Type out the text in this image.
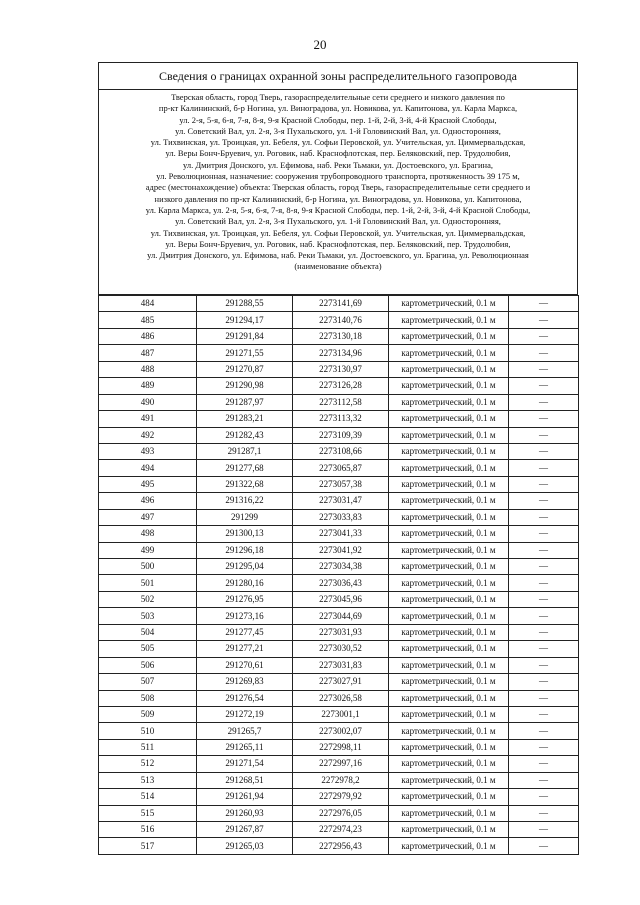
20
Сведения о границах охранной зоны распределительного газопровода
Тверская область, город Тверь, газораспределительные сети среднего и низкого давления по
пр-кт Калининский, б-р Ногина, ул. Виноградова, ул. Новикова, ул. Капитонова, ул. Карла Маркса,
ул. 2-я, 5-я, 6-я, 7-я, 8-я, 9-я Красной Слободы, пер. 1-й, 2-й, 3-й, 4-й Красной Слободы,
ул. Советский Вал, ул. 2-я, 3-я Пухальского, ул. 1-й Головинский Вал, ул. Односторонняя,
ул. Тихвинская, ул. Троицкая, ул. Бебеля, ул. Софьи Перовской, ул. Учительская, ул. Циммервальдская,
ул. Веры Бонч-Бруевич, ул. Роговик, наб. Краснофлотская, пер. Беляковский, пер. Трудолюбия,
ул. Дмитрия Донского, ул. Ефимова, наб. Реки Тьмаки, ул. Достоевского, ул. Брагина,
ул. Революционная, назначение: сооружения трубопроводного транспорта, протяженность 39 175 м,
адрес (местонахождение) объекта: Тверская область, город Тверь, газораспределительные сети среднего и
низкого давления по пр-кт Калининский, б-р Ногина, ул. Виноградова, ул. Новикова, ул. Капитонова,
ул. Карла Маркса, ул. 2-я, 5-я, 6-я, 7-я, 8-я, 9-я Красной Слободы, пер. 1-й, 2-й, 3-й, 4-й Красной Слободы,
ул. Советский Вал, ул. 2-я, 3-я Пухальского, ул. 1-й Головинский Вал, ул. Односторонняя,
ул. Тихвинская, ул. Троицкая, ул. Бебеля, ул. Софьи Перовской, ул. Учительская, ул. Циммервальдская,
ул. Веры Бонч-Бруевич, ул. Роговик, наб. Краснофлотская, пер. Беляковский, пер. Трудолюбия,
ул. Дмитрия Донского, ул. Ефимова, наб. Реки Тьмаки, ул. Достоевского, ул. Брагина, ул. Революционная
(наименование объекта)
484	291288,55	2273141,69	картометрический, 0.1 м	—
485	291294,17	2273140,76	картометрический, 0.1 м	—
486	291291,84	2273130,18	картометрический, 0.1 м	—
487	291271,55	2273134,96	картометрический, 0.1 м	—
488	291270,87	2273130,97	картометрический, 0.1 м	—
489	291290,98	2273126,28	картометрический, 0.1 м	—
490	291287,97	2273112,58	картометрический, 0.1 м	—
491	291283,21	2273113,32	картометрический, 0.1 м	—
492	291282,43	2273109,39	картометрический, 0.1 м	—
493	291287,1	2273108,66	картометрический, 0.1 м	—
494	291277,68	2273065,87	картометрический, 0.1 м	—
495	291322,68	2273057,38	картометрический, 0.1 м	—
496	291316,22	2273031,47	картометрический, 0.1 м	—
497	291299	2273033,83	картометрический, 0.1 м	—
498	291300,13	2273041,33	картометрический, 0.1 м	—
499	291296,18	2273041,92	картометрический, 0.1 м	—
500	291295,04	2273034,38	картометрический, 0.1 м	—
501	291280,16	2273036,43	картометрический, 0.1 м	—
502	291276,95	2273045,96	картометрический, 0.1 м	—
503	291273,16	2273044,69	картометрический, 0.1 м	—
504	291277,45	2273031,93	картометрический, 0.1 м	—
505	291277,21	2273030,52	картометрический, 0.1 м	—
506	291270,61	2273031,83	картометрический, 0.1 м	—
507	291269,83	2273027,91	картометрический, 0.1 м	—
508	291276,54	2273026,58	картометрический, 0.1 м	—
509	291272,19	2273001,1	картометрический, 0.1 м	—
510	291265,7	2273002,07	картометрический, 0.1 м	—
511	291265,11	2272998,11	картометрический, 0.1 м	—
512	291271,54	2272997,16	картометрический, 0.1 м	—
513	291268,51	2272978,2	картометрический, 0.1 м	—
514	291261,94	2272979,92	картометрический, 0.1 м	—
515	291260,93	2272976,05	картометрический, 0.1 м	—
516	291267,87	2272974,23	картометрический, 0.1 м	—
517	291265,03	2272956,43	картометрический, 0.1 м	—
